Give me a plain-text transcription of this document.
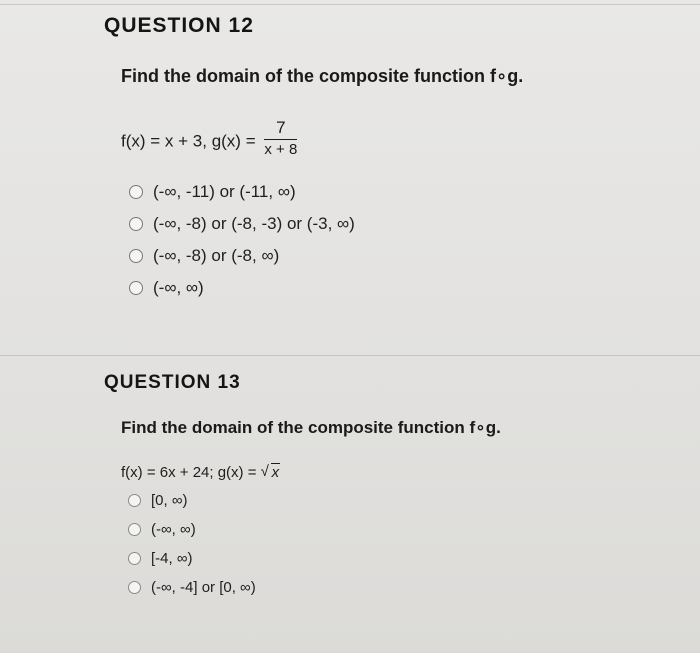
QUESTION 12
Find the domain of the composite function f∘g.
f(x) = x + 3, $g(x) = \frac{7}{x + 8}$
(-∞, -11) or (-11, ∞)
(-∞, -8) or (-8, -3) or (-3, ∞)
(-∞, -8) or (-8, ∞)
(-∞, ∞)
QUESTION 13
Find the domain of the composite function f∘g.
f(x) = 6x + 24; g(x) = √ x
[0, ∞)
(-∞, ∞)
[-4, ∞)
(-∞, -4] or [0, ∞)
